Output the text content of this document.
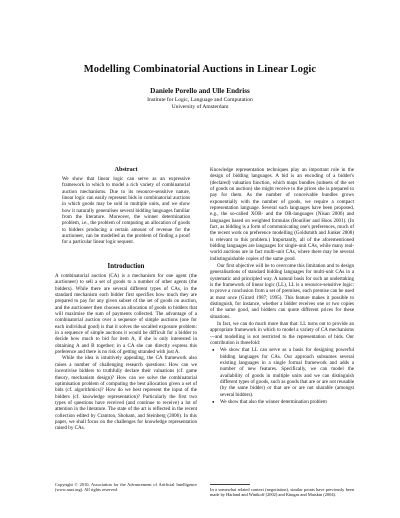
Modelling Combinatorial Auctions in Linear Logic
Daniele Porello and Ulle Endriss
Institute for Logic, Language and Computation
University of Amsterdam
Abstract

We show that linear logic can serve as an expressive framework in which to model a rich variety of combinatorial auction mechanisms. Due to its resource-sensitive nature, linear logic can easily represent bids in combinatorial auctions in which goods may be sold in multiple units, and we show how it naturally generalises several bidding languages familiar from the literature. Moreover, the winner determination problem, i.e., the problem of computing an allocation of goods to bidders producing a certain amount of revenue for the auctioneer, can be modelled as the problem of finding a proof for a particular linear logic sequent.

Introduction

A combinatorial auction (CA) is a mechanism for one agent (the auctioneer) to sell a set of goods to a number of other agents (the bidders). While there are several different types of CAs, in the standard mechanism each bidder first specifies how much they are prepared to pay for any given subset of the set of goods on auction, and the auctioneer then chooses an allocation of goods to bidders that will maximise the sum of payments collected. The advantage of a combinatorial auction over a sequence of simple auctions (one for each individual good) is that it solves the socalled exposure problem: in a sequence of simple auctions it would be difficult for a bidder to decide how much to bid for item A, if she is only interested in obtaining A and B together; in a CA she can directly express this preference and there is no risk of getting stranded with just A.

While the idea is intuitively appealing, the CA framework also raises a number of challenging research questions: How can we incentivise bidders to truthfully declare their valuations (cf. game theory, mechanism design)? How can we solve the combinatorial optimisation problem of computing the best allocation given a set of bids (cf. algorithmics)? How do we best represent the input of the bidders (cf. knowledge representation)? Particularly the first two types of questions have received (and continue to receive) a lot of attention in the literature. The state of the art is reflected in the recent collection edited by Cramton, Shoham, and Steinberg (2006). In this paper, we shall focus on the challenges for knowledge representation raised by CAs.

Copyright © 2010, Association for the Advancement of Artificial Intelligence (www.aaai.org). All rights reserved.

Knowledge representation techniques play an important role in the design of bidding languages. A bid is an encoding of a bidder's (declared) valuation function, which maps bundles (subsets of the set of goods on auction) she might receive to the prices she is prepared to pay for them. As the number of conceivable bundles grows exponentially with the number of goods, we require a compact representation language. Several such languages have been proposed, e.g., the so-called XOR- and the OR-languages (Nisan 2006) and languages based on weighted formulas (Boutilier and Hoos 2001). (In fact, as bidding is a form of communicating one's preferences, much of the recent work on preference modelling (Goldsmith and Junker 2008) is relevant to this problem.) Importantly, all of the aforementioned bidding languages are languages for single-unit CAs, while many real-world auctions are in fact multi-unit CAs, where there may be several indistinguishable copies of the same good.

Our first objective will be to overcome this limitation and to design generalisations of standard bidding languages for multi-unit CAs in a systematic and principled way. A natural basis for such an undertaking is the framework of linear logic (LL), LL is a resource-sensitive logic: to prove a conclusion from a set of premises, each premise can be used at most once (Girard 1987; 1995). This feature makes it possible to distinguish, for instance, whether a bidder receives one or two copies of the same good, and bidders can quote different prices for these situations.

In fact, we can do much more than that: LL turns out to provide an appropriate framework in which to model a variety of CA mechanisms—and modelling is not restricted to the representation of bids. Our contribution is threefold:

● We show that LL can serve as a basis for designing powerful bidding languages for CAs. Our approach subsumes several existing languages in a single formal framework and adds a number of new features. Specifically, we can model the availability of goods in multiple units and we can distinguish different types of goods, such as goods that are or are not reusable (by the same bidder) or that are or are not sharable (amongst several bidders).
● We show that also the winner determination problem
In a somewhat related context (negotiation), similar points have previously been made by Harland and Winikoff (2002) and Küngas and Matskin (2004).
